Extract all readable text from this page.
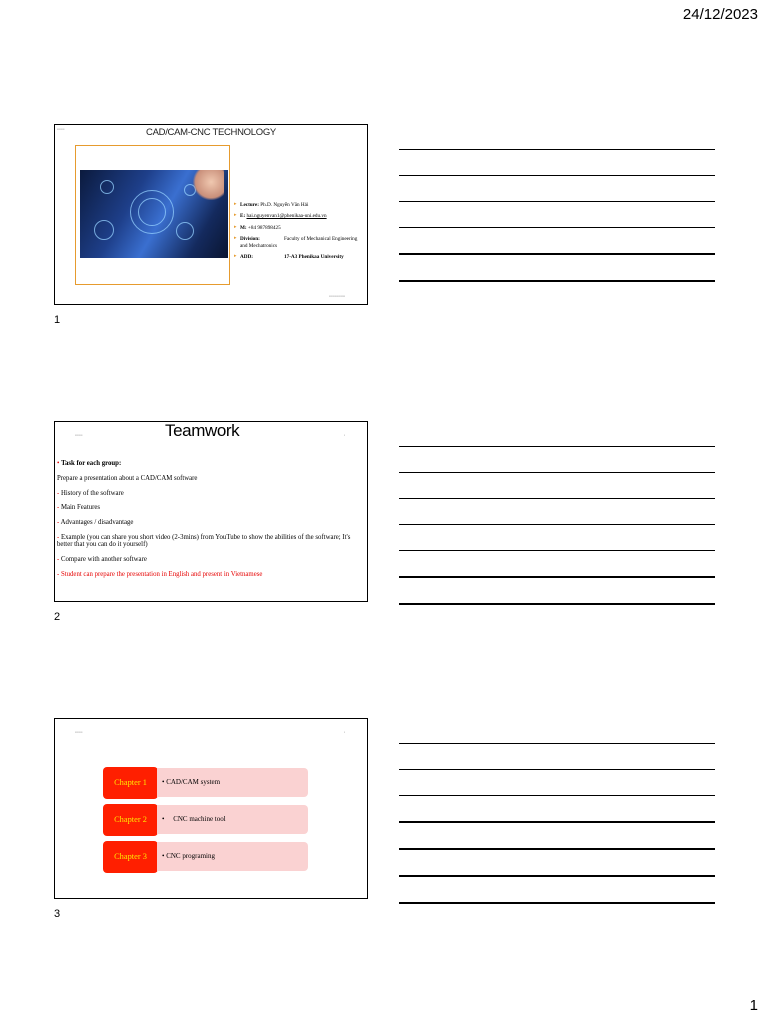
24/12/2023
CAD/CAM-CNC TECHNOLOGY
▸ Lecture: Ph.D. Nguyễn Văn Hải
▸ E: hai.nguyenvan1@phenikaa-uni.edu.vn
▸ M: +84 987898425
▸ Division:	Faculty of Mechanical Engineering and Mechatronics
▸ ADD:	17-A3 Phenikaa University
▪▪▪▪▪▪▪
▪▪▪▪▪▪▪▪▪▪▪▪▪▪▪
1
Teamwork
▪▪▪▪▪▪▪	▪
• Task for each group:
Prepare a presentation about a CAD/CAM software
- History of the software
- Main Features
- Advantages / disadvantage
- Example (you can share you short video (2-3mins) from YouTube to show the abilities of the software; It's better that you can do it yourself)
- Compare with another software
- Student can prepare the presentation in English and present in Vietnamese
2
▪▪▪▪▪▪▪	▪
Chapter 1	• CAD/CAM system
Chapter 2	•     CNC machine tool
Chapter 3	• CNC programing
3
1
